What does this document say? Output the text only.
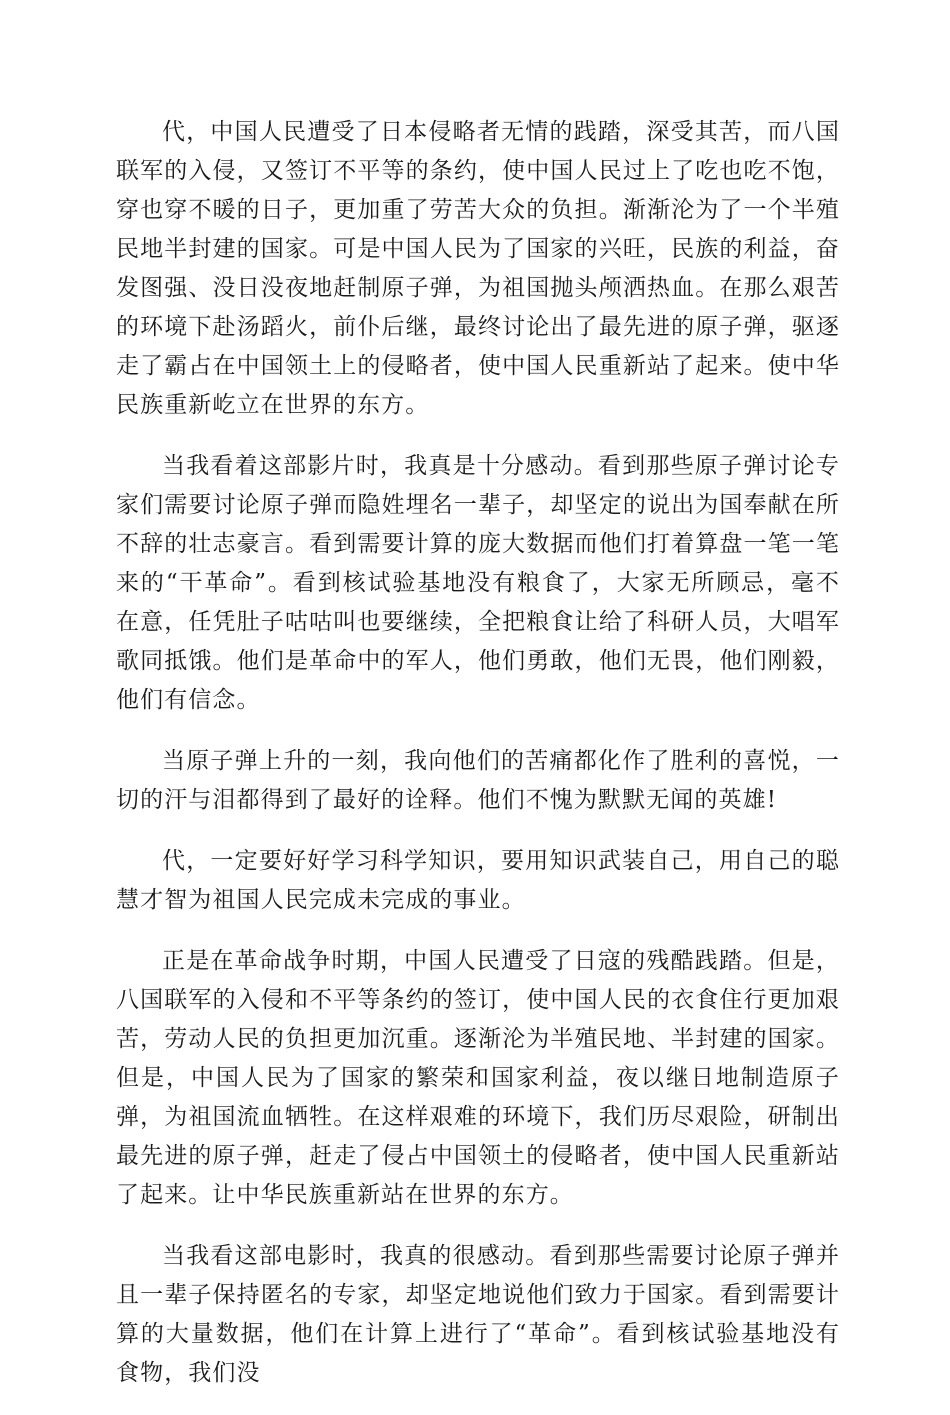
代，中国人民遭受了日本侵略者无情的践踏，深受其苦，而八国联军的入侵，又签订不平等的条约，使中国人民过上了吃也吃不饱，穿也穿不暖的日子，更加重了劳苦大众的负担。渐渐沦为了一个半殖民地半封建的国家。可是中国人民为了国家的兴旺，民族的利益，奋发图强、没日没夜地赶制原子弹，为祖国抛头颅洒热血。在那么艰苦的环境下赴汤蹈火，前仆后继，最终讨论出了最先进的原子弹，驱逐走了霸占在中国领土上的侵略者，使中国人民重新站了起来。使中华民族重新屹立在世界的东方。

当我看着这部影片时，我真是十分感动。看到那些原子弹讨论专家们需要讨论原子弹而隐姓埋名一辈子，却坚定的说出为国奉献在所不辞的壮志豪言。看到需要计算的庞大数据而他们打着算盘一笔一笔来的“干革命”。看到核试验基地没有粮食了，大家无所顾忌，毫不在意，任凭肚子咕咕叫也要继续，全把粮食让给了科研人员，大唱军歌同抵饿。他们是革命中的军人，他们勇敢，他们无畏，他们刚毅，他们有信念。

当原子弹上升的一刻，我向他们的苦痛都化作了胜利的喜悦，一切的汗与泪都得到了最好的诠释。他们不愧为默默无闻的英雄!

代，一定要好好学习科学知识，要用知识武装自己，用自己的聪慧才智为祖国人民完成未完成的事业。

正是在革命战争时期，中国人民遭受了日寇的残酷践踏。但是，八国联军的入侵和不平等条约的签订，使中国人民的衣食住行更加艰苦，劳动人民的负担更加沉重。逐渐沦为半殖民地、半封建的国家。但是，中国人民为了国家的繁荣和国家利益，夜以继日地制造原子弹，为祖国流血牺牲。在这样艰难的环境下，我们历尽艰险，研制出最先进的原子弹，赶走了侵占中国领土的侵略者，使中国人民重新站了起来。让中华民族重新站在世界的东方。

当我看这部电影时，我真的很感动。看到那些需要讨论原子弹并且一辈子保持匿名的专家，却坚定地说他们致力于国家。看到需要计算的大量数据，他们在计算上进行了“革命”。看到核试验基地没有食物，我们没
